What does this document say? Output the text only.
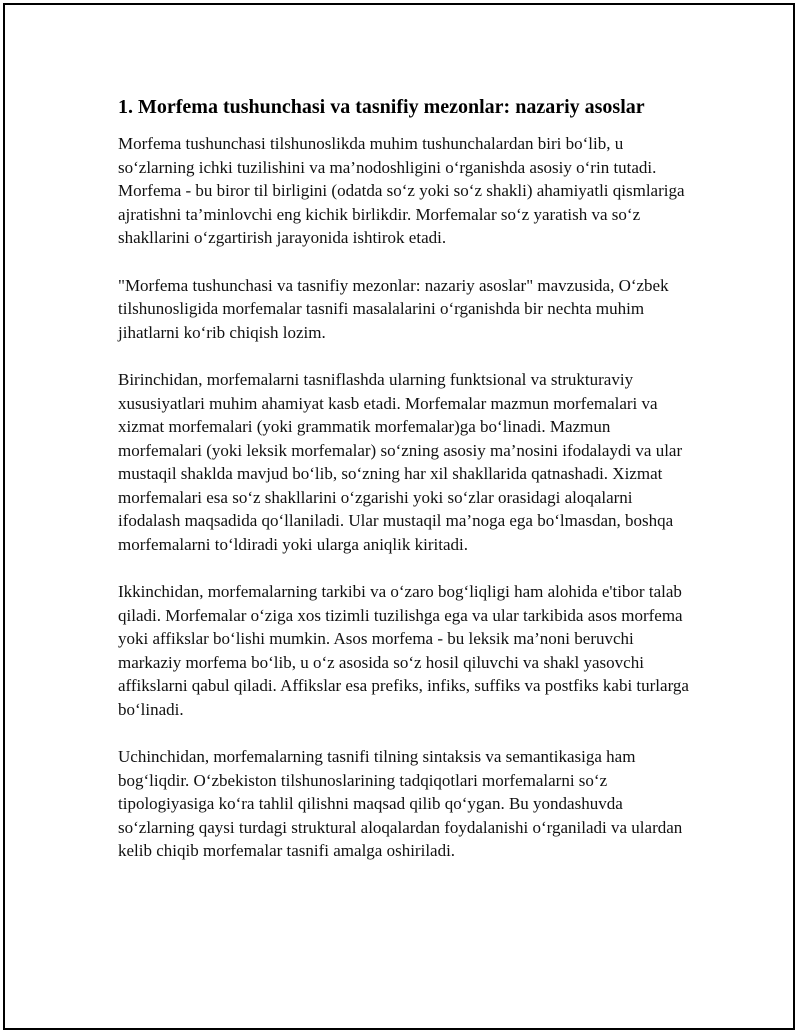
1. Morfema tushunchasi va tasnifiy mezonlar: nazariy asoslar

Morfema tushunchasi tilshunoslikda muhim tushunchalardan biri bo‘lib, u so‘zlarning ichki tuzilishini va ma’nodoshligini o‘rganishda asosiy o‘rin tutadi. Morfema - bu biror til birligini (odatda so‘z yoki so‘z shakli) ahamiyatli qismlariga ajratishni ta’minlovchi eng kichik birlikdir. Morfemalar so‘z yaratish va so‘z shakllarini o‘zgartirish jarayonida ishtirok etadi.

"Morfema tushunchasi va tasnifiy mezonlar: nazariy asoslar" mavzusida, O‘zbek tilshunosligida morfemalar tasnifi masalalarini o‘rganishda bir nechta muhim jihatlarni ko‘rib chiqish lozim.

Birinchidan, morfemalarni tasniflashda ularning funktsional va strukturaviy xususiyatlari muhim ahamiyat kasb etadi. Morfemalar mazmun morfemalari va xizmat morfemalari (yoki grammatik morfemalar)ga bo‘linadi. Mazmun morfemalari (yoki leksik morfemalar) so‘zning asosiy ma’nosini ifodalaydi va ular mustaqil shaklda mavjud bo‘lib, so‘zning har xil shakllarida qatnashadi. Xizmat morfemalari esa so‘z shakllarini o‘zgarishi yoki so‘zlar orasidagi aloqalarni ifodalash maqsadida qo‘llaniladi. Ular mustaqil ma’noga ega bo‘lmasdan, boshqa morfemalarni to‘ldiradi yoki ularga aniqlik kiritadi.

Ikkinchidan, morfemalarning tarkibi va o‘zaro bog‘liqligi ham alohida e'tibor talab qiladi. Morfemalar o‘ziga xos tizimli tuzilishga ega va ular tarkibida asos morfema yoki affikslar bo‘lishi mumkin. Asos morfema - bu leksik ma’noni beruvchi markaziy morfema bo‘lib, u o‘z asosida so‘z hosil qiluvchi va shakl yasovchi affikslarni qabul qiladi. Affikslar esa prefiks, infiks, suffiks va postfiks kabi turlarga bo‘linadi.

Uchinchidan, morfemalarning tasnifi tilning sintaksis va semantikasiga ham bog‘liqdir. O‘zbekiston tilshunoslarining tadqiqotlari morfemalarni so‘z tipologiyasiga ko‘ra tahlil qilishni maqsad qilib qo‘ygan. Bu yondashuvda so‘zlarning qaysi turdagi struktural aloqalardan foydalanishi o‘rganiladi va ulardan kelib chiqib morfemalar tasnifi amalga oshiriladi.
